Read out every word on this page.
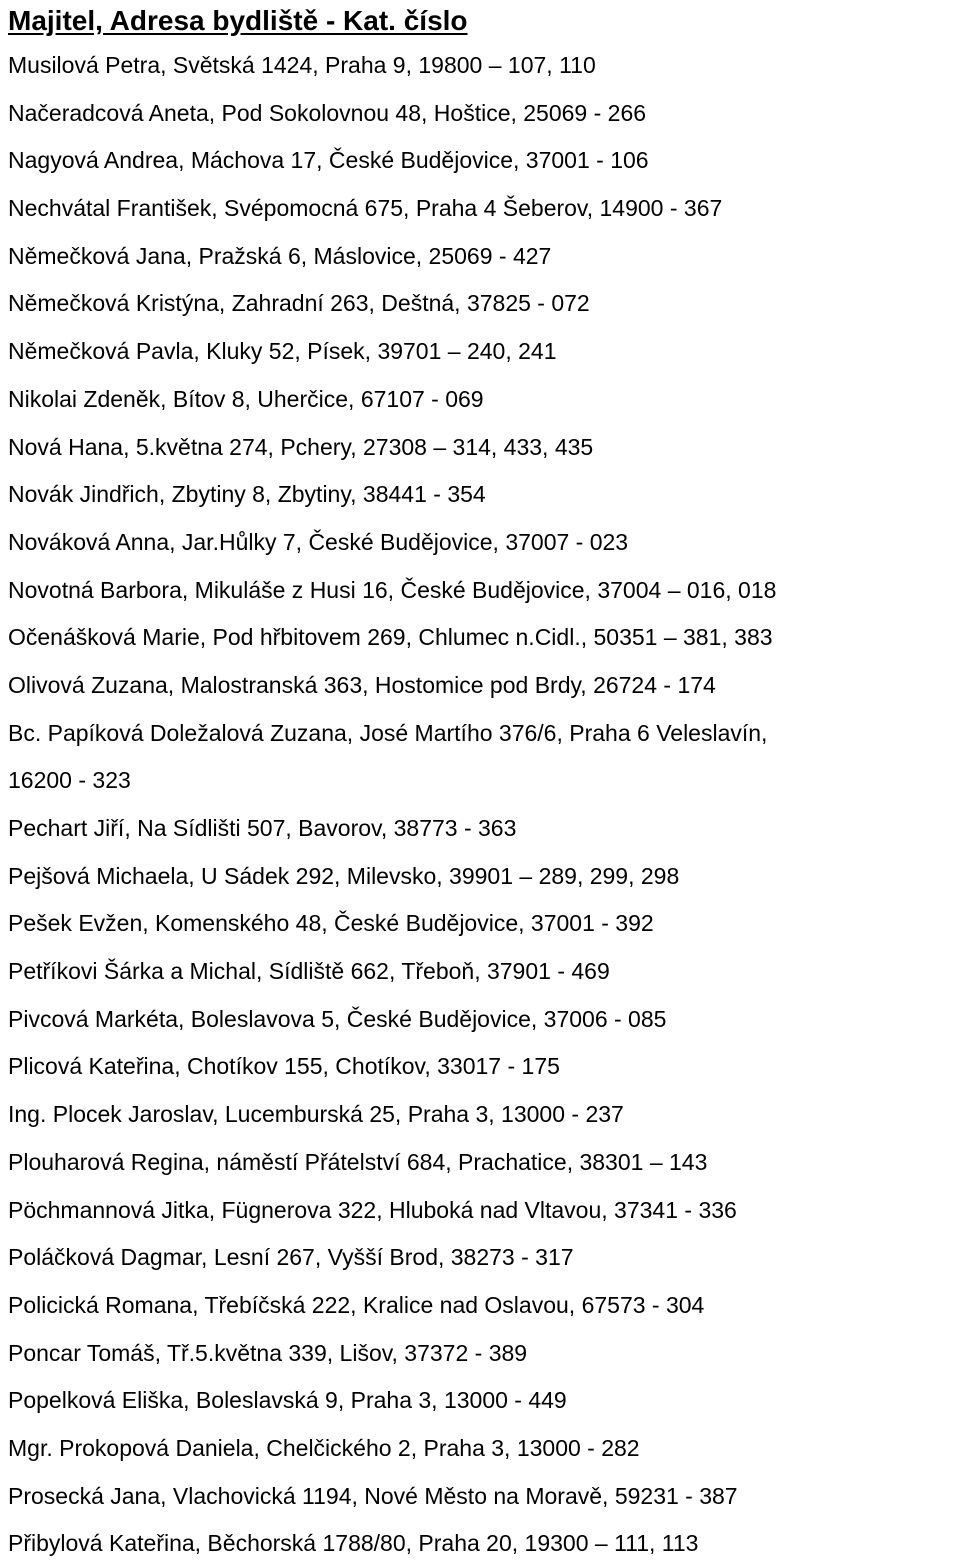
Majitel, Adresa bydliště - Kat. číslo
Musilová Petra, Světská 1424, Praha 9, 19800 – 107, 110
Načeradcová Aneta, Pod Sokolovnou 48, Hoštice, 25069 - 266
Nagyová Andrea, Máchova 17, České Budějovice, 37001 - 106
Nechvátal František, Svépomocná 675, Praha 4 Šeberov, 14900 - 367
Němečková Jana, Pražská 6, Máslovice, 25069 - 427
Němečková Kristýna, Zahradní 263, Deštná, 37825 - 072
Němečková Pavla, Kluky 52, Písek, 39701 – 240, 241
Nikolai Zdeněk, Bítov 8, Uherčice, 67107 - 069
Nová Hana, 5.května 274, Pchery, 27308 – 314, 433, 435
Novák Jindřich, Zbytiny 8, Zbytiny, 38441 - 354
Nováková Anna, Jar.Hůlky 7, České Budějovice, 37007 - 023
Novotná Barbora, Mikuláše z Husi 16, České Budějovice, 37004 – 016, 018
Očenášková Marie, Pod hřbitovem 269, Chlumec n.Cidl., 50351 – 381, 383
Olivová Zuzana, Malostranská 363, Hostomice pod Brdy, 26724 - 174
Bc. Papíková Doležalová Zuzana, José Martího 376/6, Praha 6 Veleslavín,
16200 - 323
Pechart Jiří, Na Sídlišti 507, Bavorov, 38773 - 363
Pejšová Michaela, U Sádek 292, Milevsko, 39901 – 289, 299, 298
Pešek Evžen, Komenského 48, České Budějovice, 37001 - 392
Petříkovi Šárka a Michal, Sídliště 662, Třeboň, 37901 - 469
Pivcová Markéta, Boleslavova 5, České Budějovice, 37006 - 085
Plicová Kateřina, Chotíkov 155, Chotíkov, 33017 - 175
Ing. Plocek Jaroslav, Lucemburská 25, Praha 3, 13000 - 237
Plouharová Regina, náměstí Přátelství 684, Prachatice, 38301 – 143
Pöchmannová Jitka, Fügnerova 322, Hluboká nad Vltavou, 37341 - 336
Poláčková Dagmar, Lesní 267, Vyšší Brod, 38273 - 317
Policická Romana, Třebíčská 222, Kralice nad Oslavou, 67573 - 304
Poncar Tomáš, Tř.5.května 339, Lišov, 37372 - 389
Popelková Eliška, Boleslavská 9, Praha 3, 13000 - 449
Mgr. Prokopová Daniela, Chelčického 2, Praha 3, 13000 - 282
Prosecká Jana, Vlachovická 1194, Nové Město na Moravě, 59231 - 387
Přibylová Kateřina, Běchorská 1788/80, Praha 20, 19300 – 111, 113
